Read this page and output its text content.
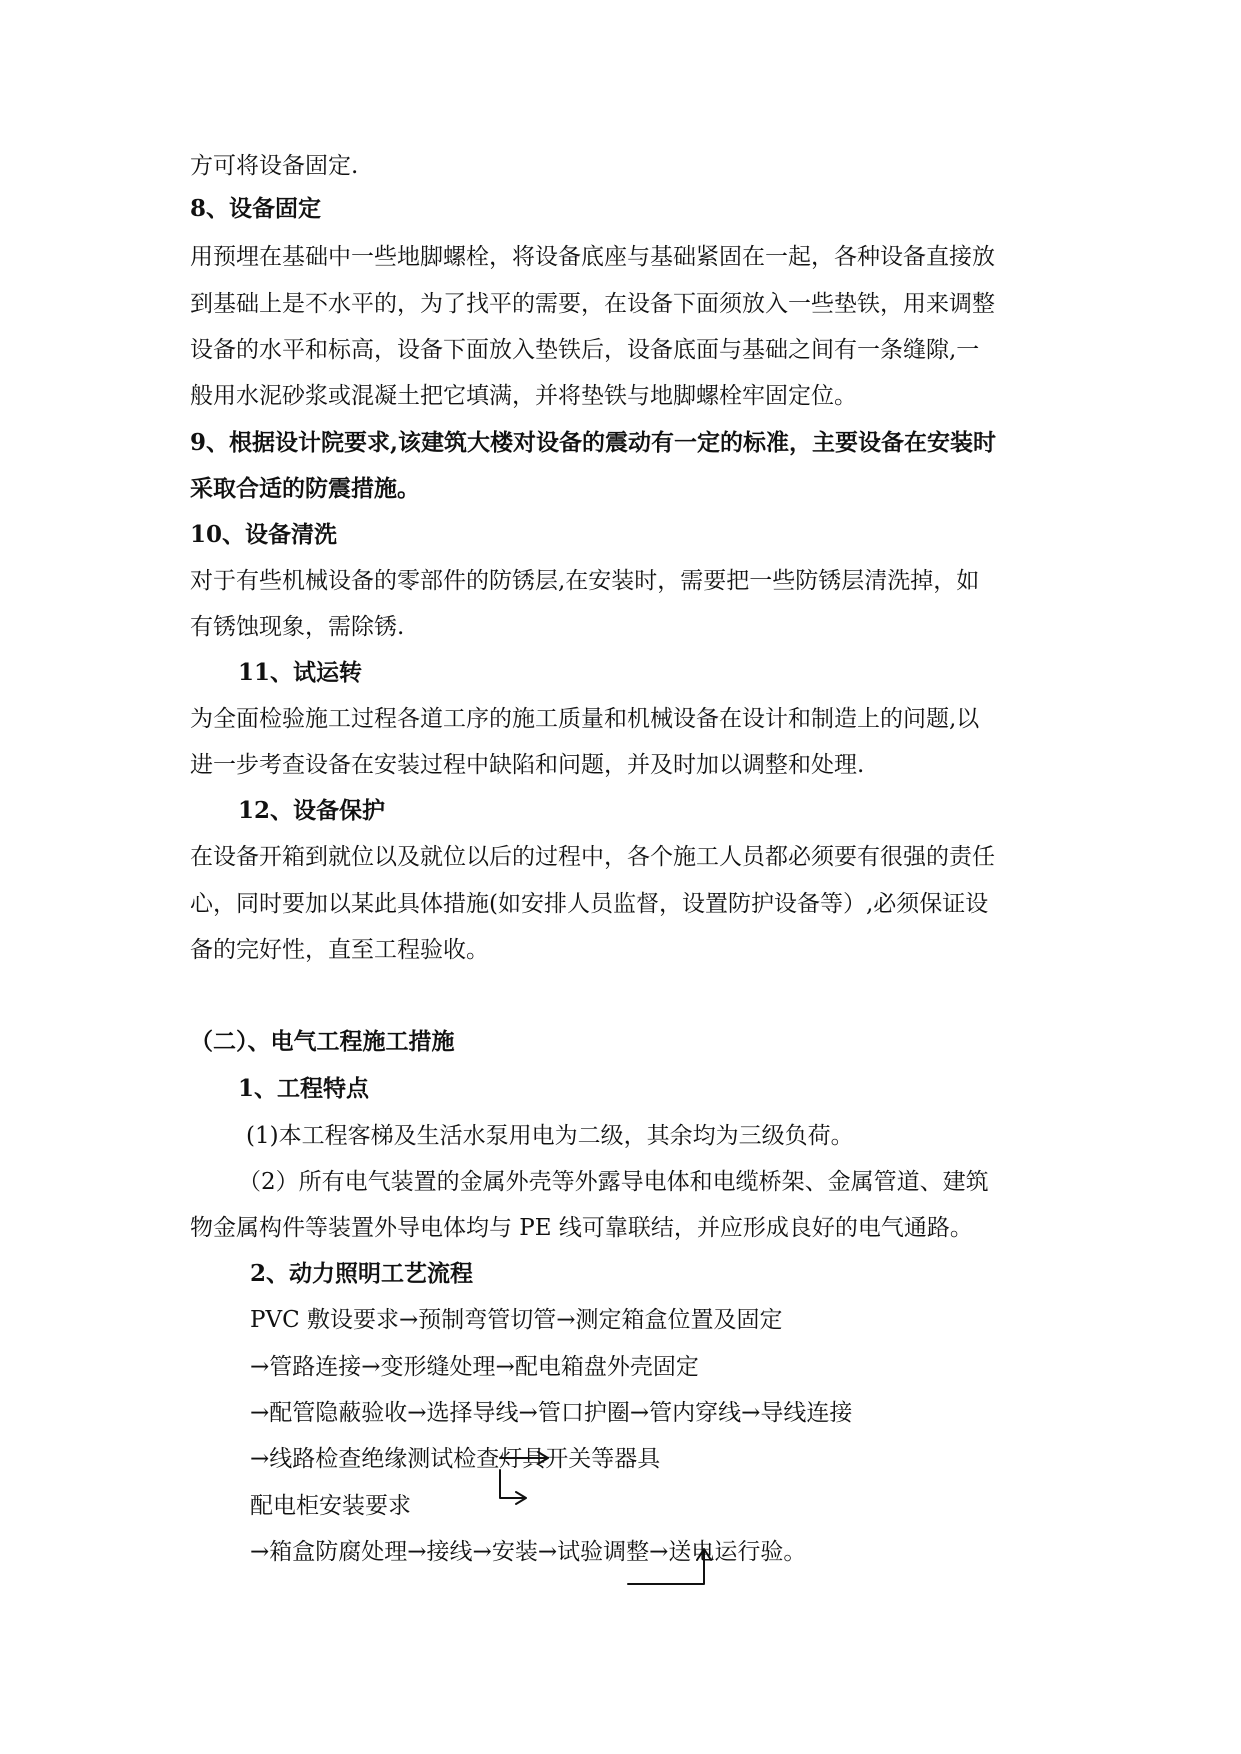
方可将设备固定.

8、设备固定

用预埋在基础中一些地脚螺栓，将设备底座与基础紧固在一起，各种设备直接放

到基础上是不水平的，为了找平的需要，在设备下面须放入一些垫铁，用来调整

设备的水平和标高，设备下面放入垫铁后，设备底面与基础之间有一条缝隙,一

般用水泥砂浆或混凝土把它填满，并将垫铁与地脚螺栓牢固定位。

9、根据设计院要求,该建筑大楼对设备的震动有一定的标准，主要设备在安装时

采取合适的防震措施。

10、设备清洗

对于有些机械设备的零部件的防锈层,在安装时，需要把一些防锈层清洗掉，如

有锈蚀现象，需除锈.

11、试运转

为全面检验施工过程各道工序的施工质量和机械设备在设计和制造上的问题,以

进一步考查设备在安装过程中缺陷和问题，并及时加以调整和处理.

12、设备保护

在设备开箱到就位以及就位以后的过程中，各个施工人员都必须要有很强的责任

心，同时要加以某此具体措施(如安排人员监督，设置防护设备等）,必须保证设

备的完好性，直至工程验收。

（二）、电气工程施工措施

1、工程特点

(1)本工程客梯及生活水泵用电为二级，其余均为三级负荷。

（2）所有电气装置的金属外壳等外露导电体和电缆桥架、金属管道、建筑

物金属构件等装置外导电体均与 PE 线可靠联结，并应形成良好的电气通路。

2、动力照明工艺流程

PVC 敷设要求→预制弯管切管→测定箱盒位置及固定

→管路连接→变形缝处理→配电箱盘外壳固定

→配管隐蔽验收→选择导线→管口护圈→管内穿线→导线连接

→线路检查绝缘测试检查灯具开关等器具

配电柜安装要求

→箱盒防腐处理→接线→安装→试验调整→送电运行验。
